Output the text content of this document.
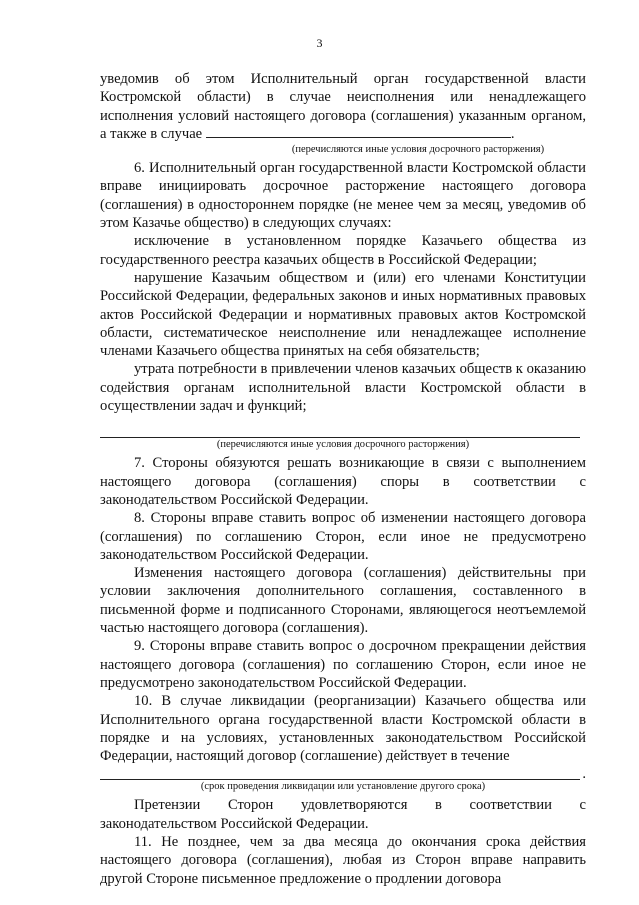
3

уведомив об этом Исполнительный орган государственной власти Костромской области) в случае неисполнения или ненадлежащего исполнения условий настоящего договора (соглашения) указанным органом, а также в случае	.

(перечисляются иные условия досрочного расторжения)

6. Исполнительный орган государственной власти Костромской области вправе инициировать досрочное расторжение настоящего договора (соглашения) в одностороннем порядке (не менее чем за месяц, уведомив об этом Казачье общество) в следующих случаях:

исключение в установленном порядке Казачьего общества из государственного реестра казачьих обществ в Российской Федерации;

нарушение Казачьим обществом и (или) его членами Конституции Российской Федерации, федеральных законов и иных нормативных правовых актов Российской Федерации и нормативных правовых актов Костромской области, систематическое неисполнение или ненадлежащее исполнение членами Казачьего общества принятых на себя обязательств;

утрата потребности в привлечении членов казачьих обществ к оказанию содействия органам исполнительной власти Костромской области в осуществлении задач и функций;

(перечисляются иные условия досрочного расторжения)

7. Стороны обязуются решать возникающие в связи с выполнением настоящего договора (соглашения) споры в соответствии с законодательством Российской Федерации.

8. Стороны вправе ставить вопрос об изменении настоящего договора (соглашения) по соглашению Сторон, если иное не предусмотрено законодательством Российской Федерации.

Изменения настоящего договора (соглашения) действительны при условии заключения дополнительного соглашения, составленного в письменной форме и подписанного Сторонами, являющегося неотъемлемой частью настоящего договора (соглашения).

9. Стороны вправе ставить вопрос о досрочном прекращении действия настоящего договора (соглашения) по соглашению Сторон, если иное не предусмотрено законодательством Российской Федерации.

10. В случае ликвидации (реорганизации) Казачьего общества или Исполнительного органа государственной власти Костромской области в порядке и на условиях, установленных законодательством Российской Федерации, настоящий договор (соглашение) действует в течение

.
(срок проведения ликвидации или установление другого срока)

Претензии Сторон удовлетворяются в соответствии с законодательством Российской Федерации.

11. Не позднее, чем за два месяца до окончания срока действия настоящего договора (соглашения), любая из Сторон вправе направить другой Стороне письменное предложение о продлении договора
